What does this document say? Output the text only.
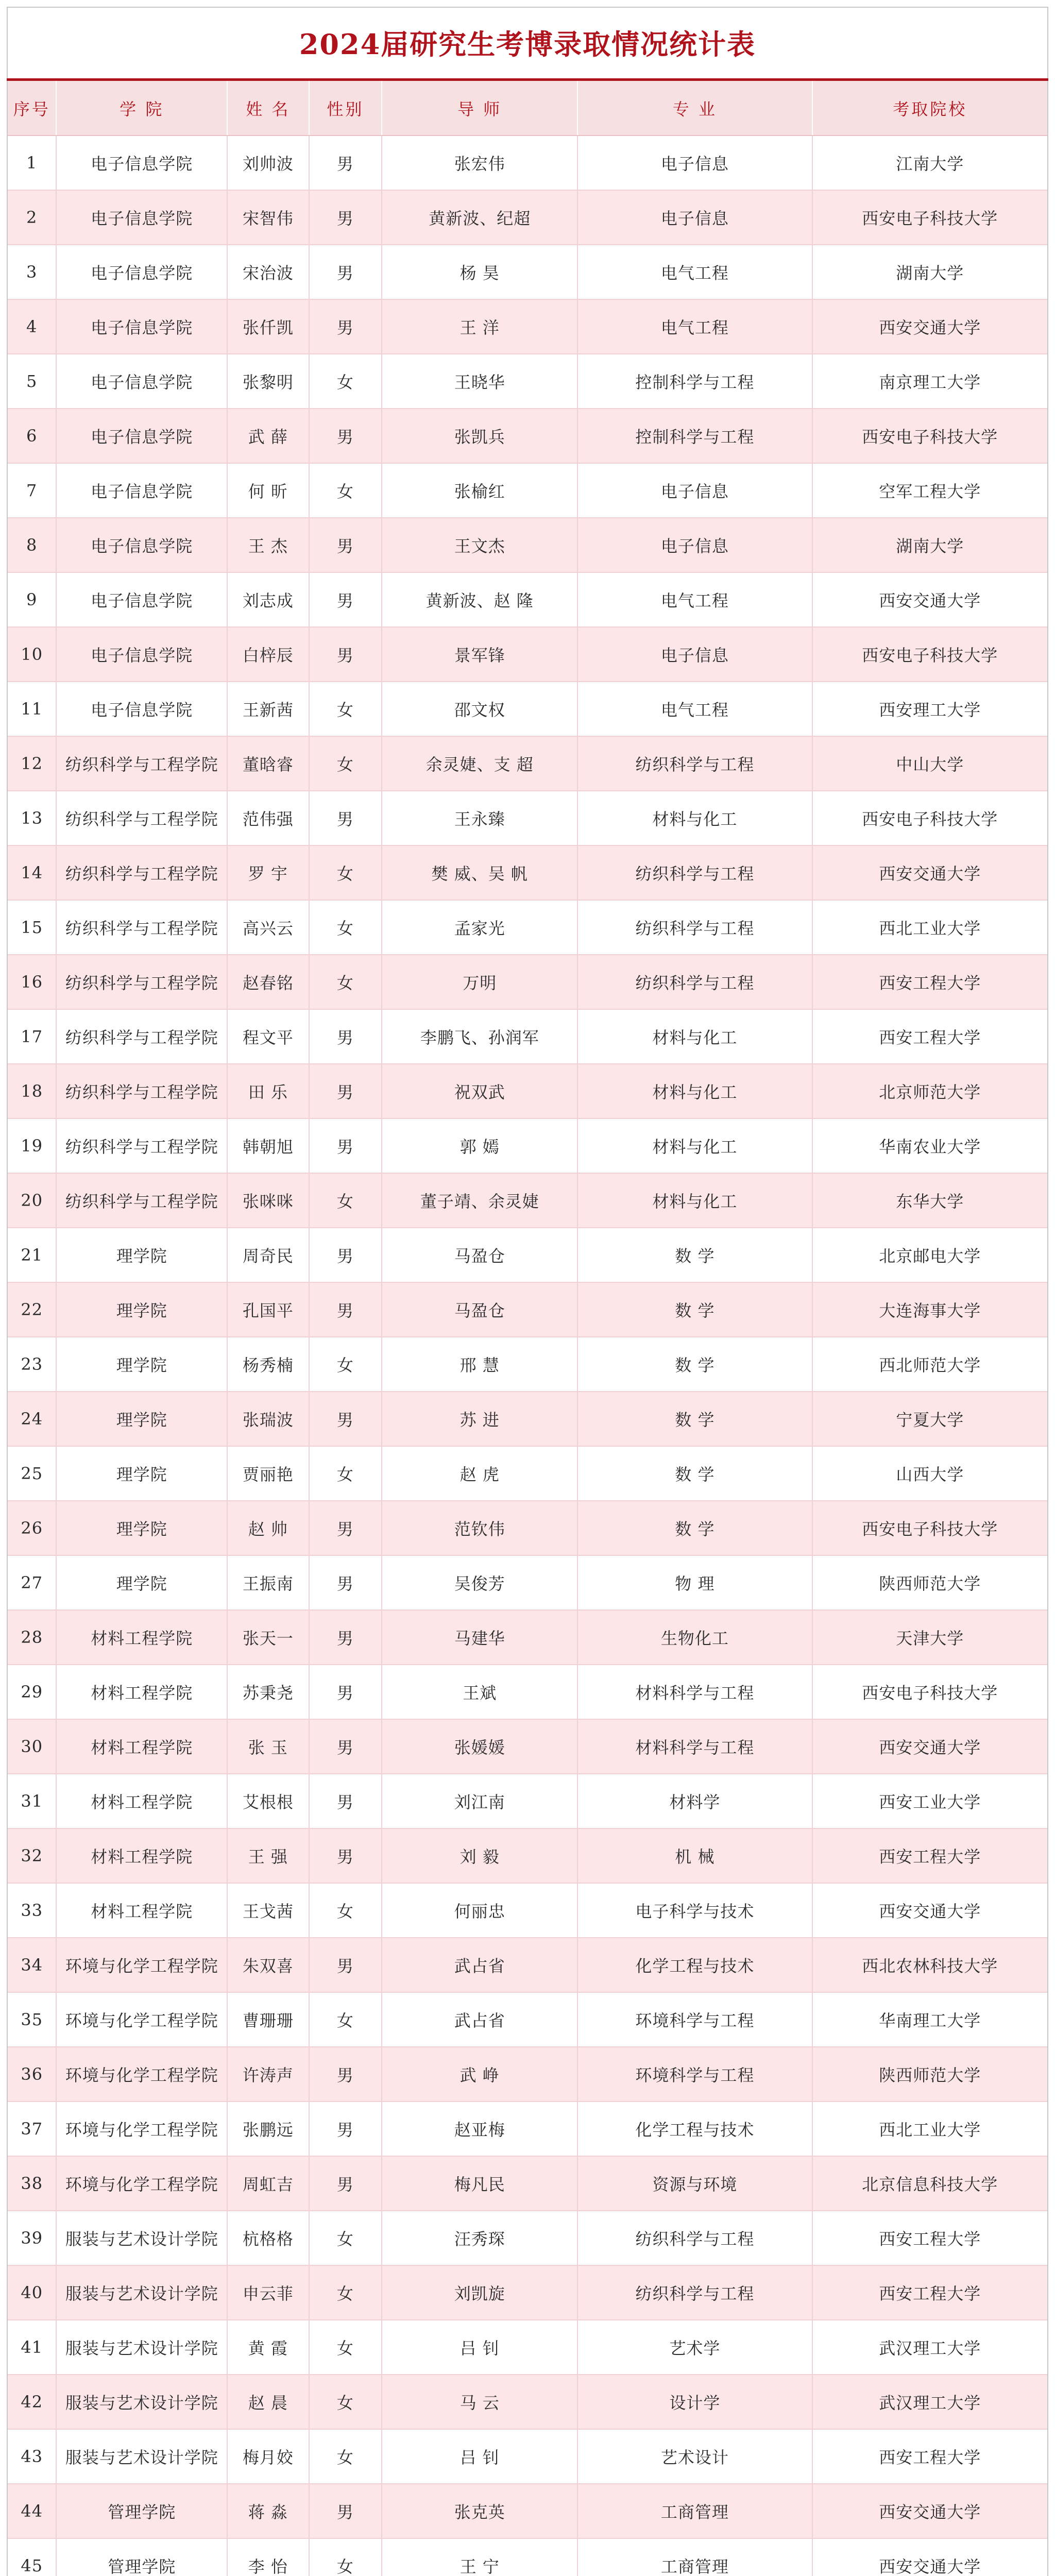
2024届研究生考博录取情况统计表
序号	学 院	姓 名	性别	导 师	专 业	考取院校
1	电子信息学院	刘帅波	男	张宏伟	电子信息	江南大学
2	电子信息学院	宋智伟	男	黄新波、纪超	电子信息	西安电子科技大学
3	电子信息学院	宋治波	男	杨 昊	电气工程	湖南大学
4	电子信息学院	张仟凯	男	王 洋	电气工程	西安交通大学
5	电子信息学院	张黎明	女	王晓华	控制科学与工程	南京理工大学
6	电子信息学院	武 薛	男	张凯兵	控制科学与工程	西安电子科技大学
7	电子信息学院	何 昕	女	张榆红	电子信息	空军工程大学
8	电子信息学院	王 杰	男	王文杰	电子信息	湖南大学
9	电子信息学院	刘志成	男	黄新波、赵 隆	电气工程	西安交通大学
10	电子信息学院	白梓辰	男	景军锋	电子信息	西安电子科技大学
11	电子信息学院	王新茜	女	邵文权	电气工程	西安理工大学
12	纺织科学与工程学院	董晗睿	女	余灵婕、支 超	纺织科学与工程	中山大学
13	纺织科学与工程学院	范伟强	男	王永臻	材料与化工	西安电子科技大学
14	纺织科学与工程学院	罗 宇	女	樊 威、吴 帆	纺织科学与工程	西安交通大学
15	纺织科学与工程学院	高兴云	女	孟家光	纺织科学与工程	西北工业大学
16	纺织科学与工程学院	赵春铭	女	万明	纺织科学与工程	西安工程大学
17	纺织科学与工程学院	程文平	男	李鹏飞、孙润军	材料与化工	西安工程大学
18	纺织科学与工程学院	田 乐	男	祝双武	材料与化工	北京师范大学
19	纺织科学与工程学院	韩朝旭	男	郭 嫣	材料与化工	华南农业大学
20	纺织科学与工程学院	张咪咪	女	董子靖、余灵婕	材料与化工	东华大学
21	理学院	周奇民	男	马盈仓	数 学	北京邮电大学
22	理学院	孔国平	男	马盈仓	数 学	大连海事大学
23	理学院	杨秀楠	女	邢 慧	数 学	西北师范大学
24	理学院	张瑞波	男	苏 进	数 学	宁夏大学
25	理学院	贾丽艳	女	赵 虎	数 学	山西大学
26	理学院	赵 帅	男	范钦伟	数 学	西安电子科技大学
27	理学院	王振南	男	吴俊芳	物 理	陕西师范大学
28	材料工程学院	张天一	男	马建华	生物化工	天津大学
29	材料工程学院	苏秉尧	男	王斌	材料科学与工程	西安电子科技大学
30	材料工程学院	张 玉	男	张媛媛	材料科学与工程	西安交通大学
31	材料工程学院	艾根根	男	刘江南	材料学	西安工业大学
32	材料工程学院	王 强	男	刘 毅	机 械	西安工程大学
33	材料工程学院	王戈茜	女	何丽忠	电子科学与技术	西安交通大学
34	环境与化学工程学院	朱双喜	男	武占省	化学工程与技术	西北农林科技大学
35	环境与化学工程学院	曹珊珊	女	武占省	环境科学与工程	华南理工大学
36	环境与化学工程学院	许涛声	男	武 峥	环境科学与工程	陕西师范大学
37	环境与化学工程学院	张鹏远	男	赵亚梅	化学工程与技术	西北工业大学
38	环境与化学工程学院	周虹吉	男	梅凡民	资源与环境	北京信息科技大学
39	服装与艺术设计学院	杭格格	女	汪秀琛	纺织科学与工程	西安工程大学
40	服装与艺术设计学院	申云菲	女	刘凯旋	纺织科学与工程	西安工程大学
41	服装与艺术设计学院	黄 霞	女	吕 钊	艺术学	武汉理工大学
42	服装与艺术设计学院	赵 晨	女	马 云	设计学	武汉理工大学
43	服装与艺术设计学院	梅月姣	女	吕 钊	艺术设计	西安工程大学
44	管理学院	蒋 淼	男	张克英	工商管理	西安交通大学
45	管理学院	李 怡	女	王 宁	工商管理	西安交通大学
